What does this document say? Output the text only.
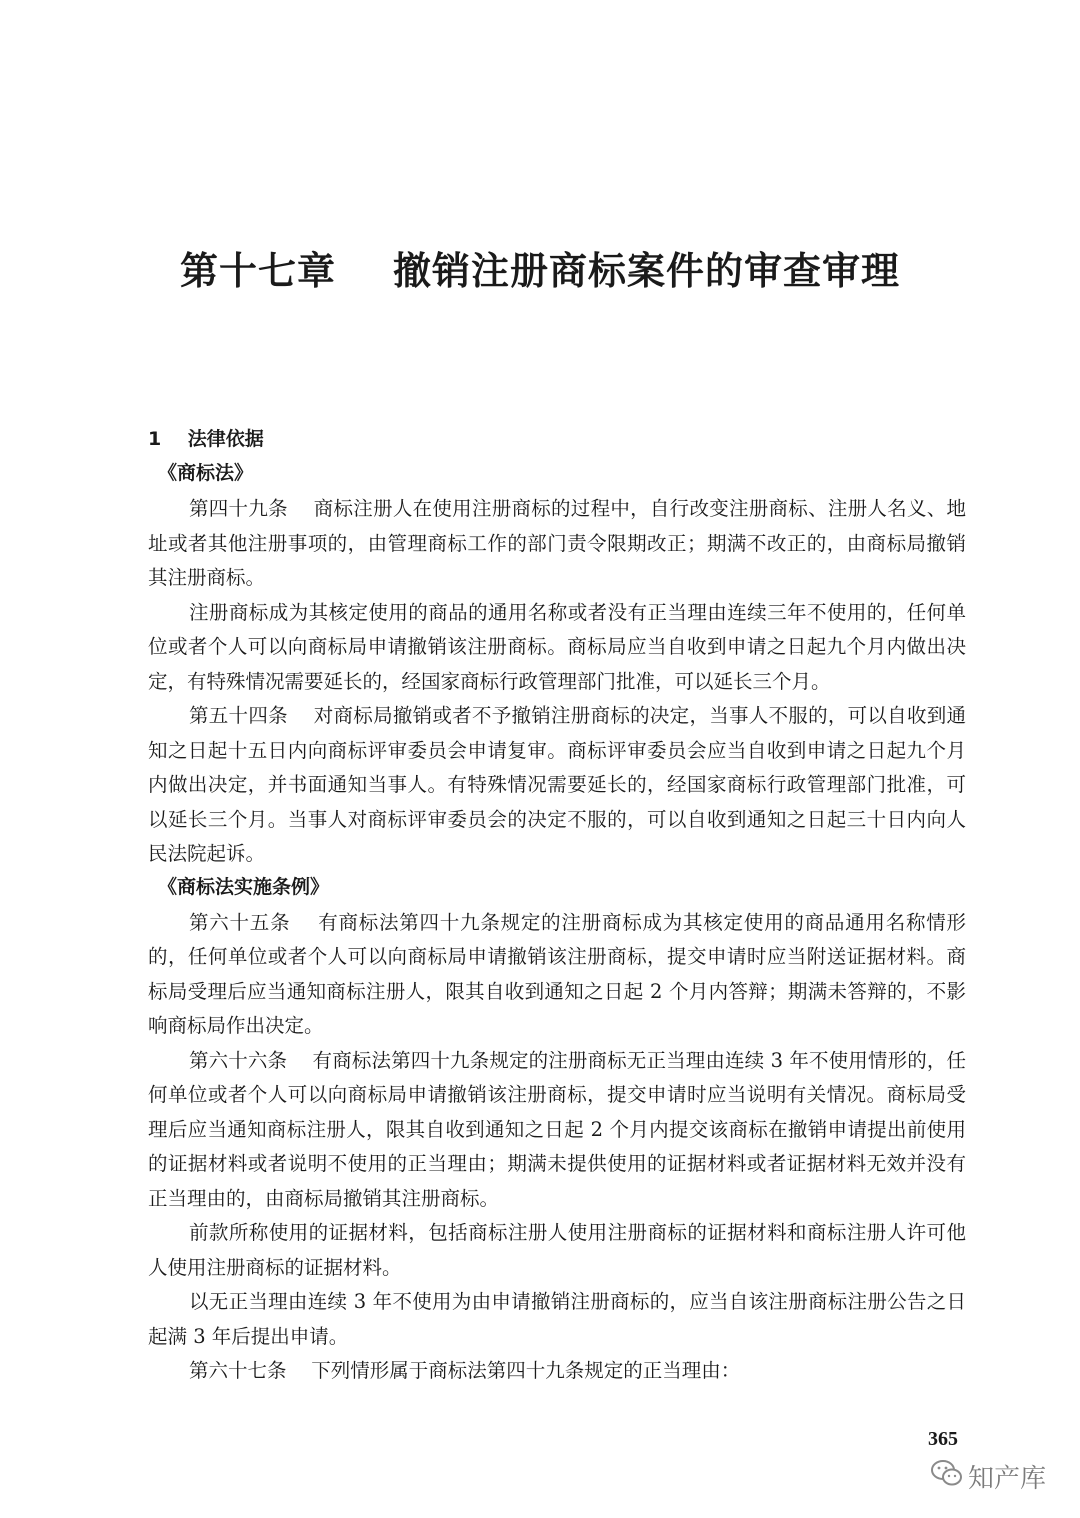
第十七章    撤销注册商标案件的审查审理
1 法律依据
《商标法》

第四十九条    商标注册人在使用注册商标的过程中，自行改变注册商标、注册人名义、地址或者其他注册事项的，由管理商标工作的部门责令限期改正；期满不改正的，由商标局撤销其注册商标。

注册商标成为其核定使用的商品的通用名称或者没有正当理由连续三年不使用的，任何单位或者个人可以向商标局申请撤销该注册商标。商标局应当自收到申请之日起九个月内做出决定，有特殊情况需要延长的，经国家商标行政管理部门批准，可以延长三个月。

第五十四条    对商标局撤销或者不予撤销注册商标的决定，当事人不服的，可以自收到通知之日起十五日内向商标评审委员会申请复审。商标评审委员会应当自收到申请之日起九个月内做出决定，并书面通知当事人。有特殊情况需要延长的，经国家商标行政管理部门批准，可以延长三个月。当事人对商标评审委员会的决定不服的，可以自收到通知之日起三十日内向人民法院起诉。

《商标法实施条例》

第六十五条    有商标法第四十九条规定的注册商标成为其核定使用的商品通用名称情形的，任何单位或者个人可以向商标局申请撤销该注册商标，提交申请时应当附送证据材料。商标局受理后应当通知商标注册人，限其自收到通知之日起 2 个月内答辩；期满未答辩的，不影响商标局作出决定。

第六十六条    有商标法第四十九条规定的注册商标无正当理由连续 3 年不使用情形的，任何单位或者个人可以向商标局申请撤销该注册商标，提交申请时应当说明有关情况。商标局受理后应当通知商标注册人，限其自收到通知之日起 2 个月内提交该商标在撤销申请提出前使用的证据材料或者说明不使用的正当理由；期满未提供使用的证据材料或者证据材料无效并没有正当理由的，由商标局撤销其注册商标。

前款所称使用的证据材料，包括商标注册人使用注册商标的证据材料和商标注册人许可他人使用注册商标的证据材料。

以无正当理由连续 3 年不使用为由申请撤销注册商标的，应当自该注册商标注册公告之日起满 3 年后提出申请。

第六十七条    下列情形属于商标法第四十九条规定的正当理由：

365
知产库
